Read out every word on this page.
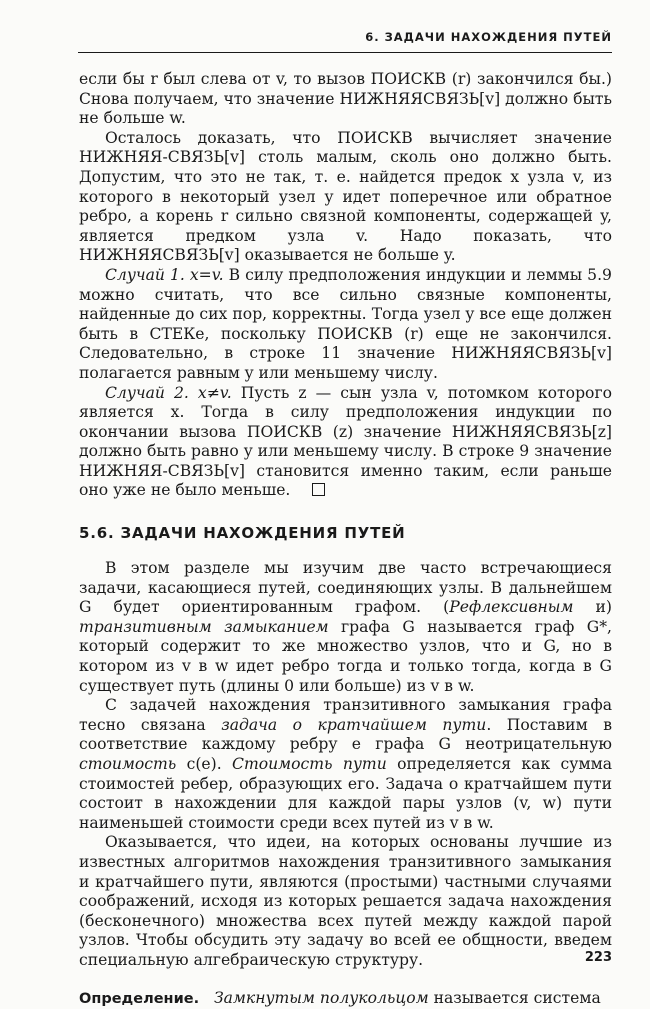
6. ЗАДАЧИ НАХОЖДЕНИЯ ПУТЕЙ

если бы r был слева от v, то вызов ПОИСКВ (r) закончился бы.) Снова получаем, что значение НИЖНЯЯСВЯЗЬ[v] должно быть не больше w.

Осталось доказать, что ПОИСКВ вычисляет значение НИЖНЯЯ-СВЯЗЬ[v] столь малым, сколь оно должно быть. Допустим, что это не так, т. е. найдется предок x узла v, из которого в некоторый узел y идет поперечное или обратное ребро, а корень r сильно связной компоненты, содержащей y, является предком узла v. Надо показать, что НИЖНЯЯСВЯЗЬ[v] оказывается не больше y.

Случай 1. x=v. В силу предположения индукции и леммы 5.9 можно считать, что все сильно связные компоненты, найденные до сих пор, корректны. Тогда узел y все еще должен быть в СТЕКе, поскольку ПОИСКВ (r) еще не закончился. Следовательно, в строке 11 значение НИЖНЯЯСВЯЗЬ[v] полагается равным y или меньшему числу.

Случай 2. x≠v. Пусть z — сын узла v, потомком которого является x. Тогда в силу предположения индукции по окончании вызова ПОИСКВ (z) значение НИЖНЯЯСВЯЗЬ[z] должно быть равно y или меньшему числу. В строке 9 значение НИЖНЯЯ-СВЯЗЬ[v] становится именно таким, если раньше оно уже не было меньше.

5.6. ЗАДАЧИ НАХОЖДЕНИЯ ПУТЕЙ

В этом разделе мы изучим две часто встречающиеся задачи, касающиеся путей, соединяющих узлы. В дальнейшем G будет ориентированным графом. (Рефлексивным и) транзитивным замыканием графа G называется граф G*, который содержит то же множество узлов, что и G, но в котором из v в w идет ребро тогда и только тогда, когда в G существует путь (длины 0 или больше) из v в w.

С задачей нахождения транзитивного замыкания графа тесно связана задача о кратчайшем пути. Поставим в соответствие каждому ребру e графа G неотрицательную стоимость c(e). Стоимость пути определяется как сумма стоимостей ребер, образующих его. Задача о кратчайшем пути состоит в нахождении для каждой пары узлов (v, w) пути наименьшей стоимости среди всех путей из v в w.

Оказывается, что идеи, на которых основаны лучшие из известных алгоритмов нахождения транзитивного замыкания и кратчайшего пути, являются (простыми) частными случаями соображений, исходя из которых решается задача нахождения (бесконечного) множества всех путей между каждой парой узлов. Чтобы обсудить эту задачу во всей ее общности, введем специальную алгебраическую структуру.

Определение. Замкнутым полукольцом называется система

223
